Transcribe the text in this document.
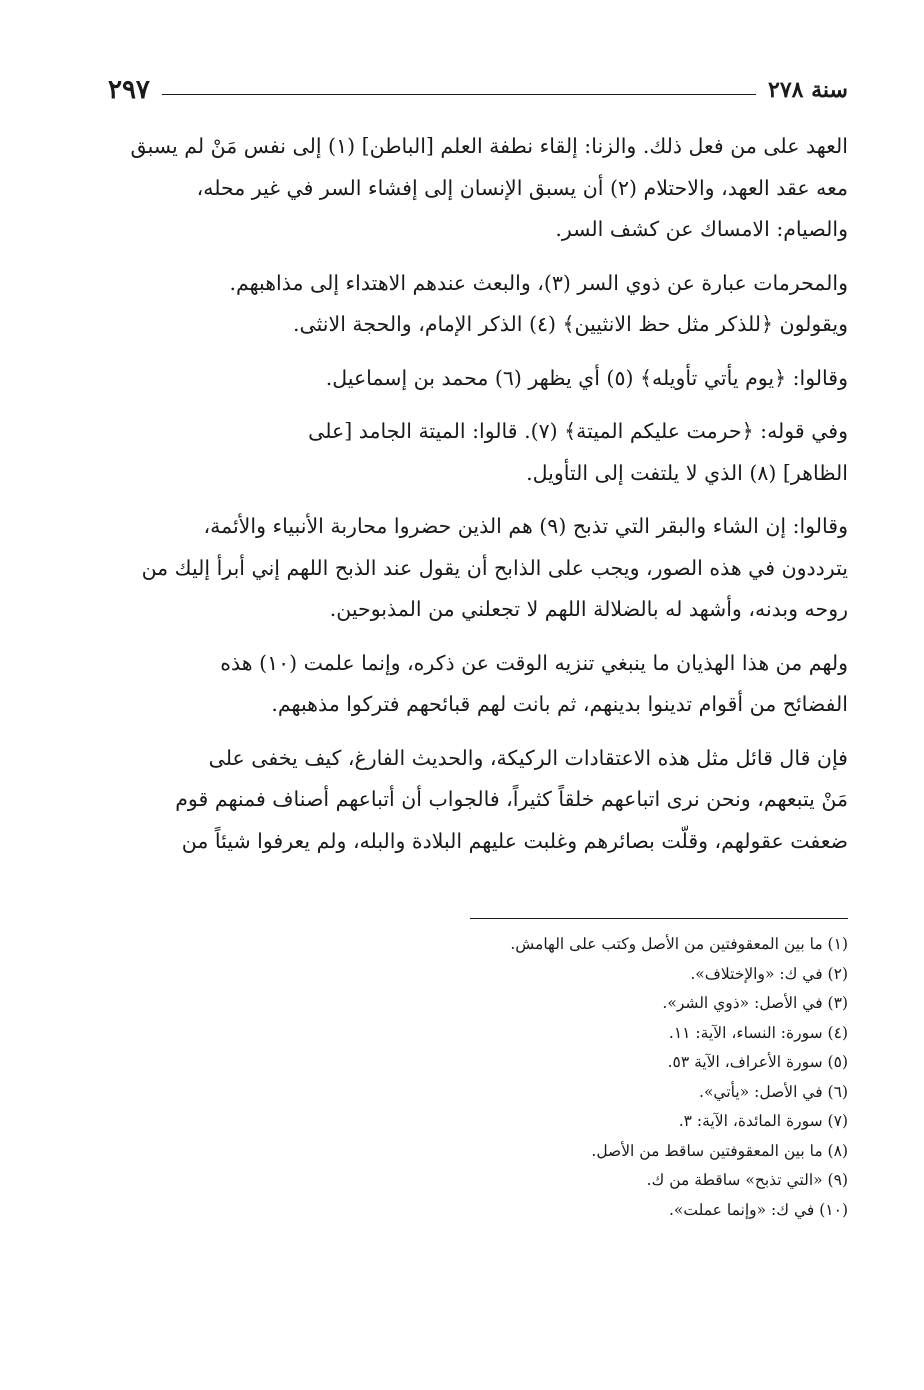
سنة ٢٧٨
٢٩٧
العهد على من فعل ذلك. والزنا: إلقاء نطفة العلم [الباطن] (١) إلى نفس مَنْ لم يسبق
معه عقد العهد، والاحتلام (٢) أن يسبق الإنسان إلى إفشاء السر في غير محله،
والصيام: الامساك عن كشف السر.
والمحرمات عبارة عن ذوي السر (٣)، والبعث عندهم الاهتداء إلى مذاهبهم.
ويقولون ﴿للذكر مثل حظ الانثيين﴾ (٤) الذكر الإمام، والحجة الانثى.
وقالوا: ﴿يوم يأتي تأويله﴾ (٥) أي يظهر (٦) محمد بن إسماعيل.
وفي قوله: ﴿حرمت عليكم الميتة﴾ (٧). قالوا: الميتة الجامد [على
الظاهر] (٨) الذي لا يلتفت إلى التأويل.
وقالوا: إن الشاء والبقر التي تذبح (٩) هم الذين حضروا محاربة الأنبياء والأئمة،
يترددون في هذه الصور، ويجب على الذابح أن يقول عند الذبح اللهم إني أبرأ إليك من
روحه وبدنه، وأشهد له بالضلالة اللهم لا تجعلني من المذبوحين.
ولهم من هذا الهذيان ما ينبغي تنزيه الوقت عن ذكره، وإنما علمت (١٠) هذه
الفضائح من أقوام تدينوا بدينهم، ثم بانت لهم قبائحهم فتركوا مذهبهم.
فإن قال قائل مثل هذه الاعتقادات الركيكة، والحديث الفارغ، كيف يخفى على
مَنْ يتبعهم، ونحن نرى اتباعهم خلقاً كثيراً، فالجواب أن أتباعهم أصناف فمنهم قوم
ضعفت عقولهم، وقلّت بصائرهم وغلبت عليهم البلادة والبله، ولم يعرفوا شيئاً من
(١) ما بين المعقوفتين من الأصل وكتب على الهامش.
(٢) في ك: «والإختلاف».
(٣) في الأصل: «ذوي الشر».
(٤) سورة: النساء، الآية: ١١.
(٥) سورة الأعراف، الآية ٥٣.
(٦) في الأصل: «يأتي».
(٧) سورة المائدة، الآية: ٣.
(٨) ما بين المعقوفتين ساقط من الأصل.
(٩) «التي تذبح» ساقطة من ك.
(١٠) في ك: «وإنما عملت».
